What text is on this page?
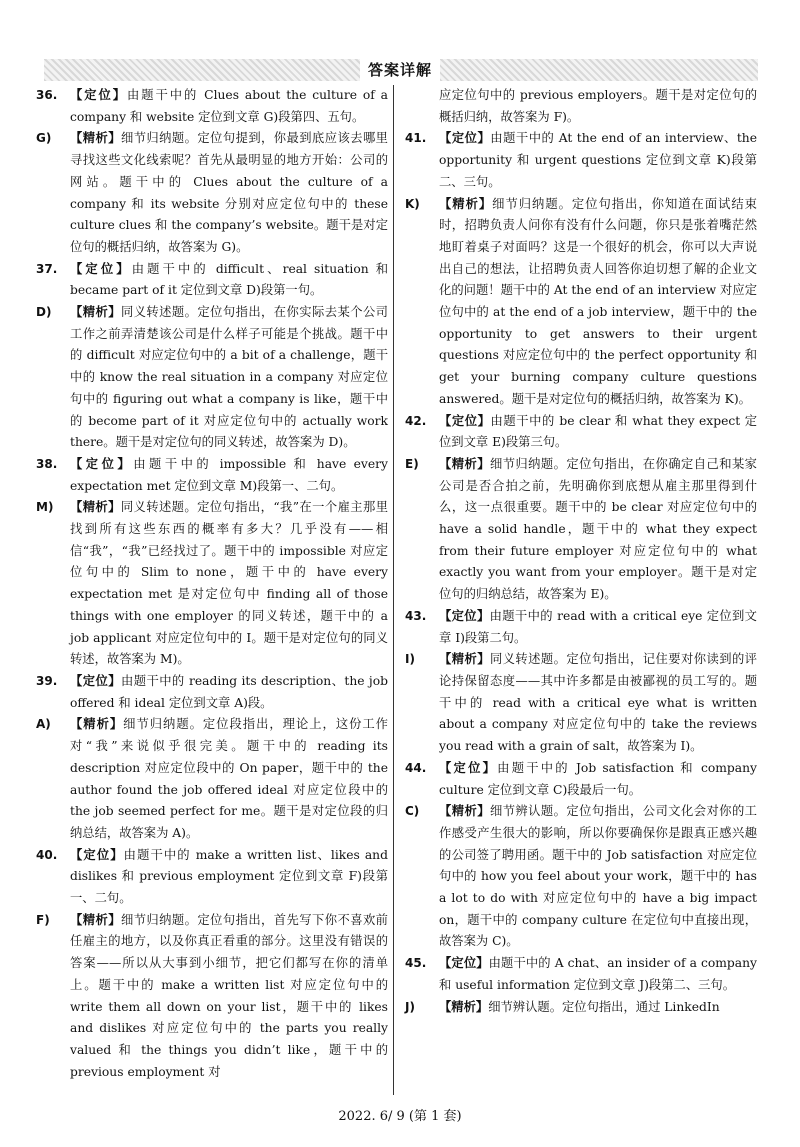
答案详解
36.	【定位】由题干中的 Clues about the culture of a company 和 website 定位到文章 G)段第四、五句。
G)	【精析】细节归纳题。定位句提到，你最到底应该去哪里寻找这些文化线索呢？首先从最明显的地方开始：公司的网站。题干中的 Clues about the culture of a company 和 its website 分别对应定位句中的 these culture clues 和 the company’s website。题干是对定位句的概括归纳，故答案为 G)。
37.	【定位】由题干中的 difficult、real situation 和 became part of it 定位到文章 D)段第一句。
D)	【精析】同义转述题。定位句指出，在你实际去某个公司工作之前弄清楚该公司是什么样子可能是个挑战。题干中的 difficult 对应定位句中的 a bit of a challenge，题干中的 know the real situation in a company 对应定位句中的 figuring out what a company is like，题干中的 become part of it 对应定位句中的 actually work there。题干是对定位句的同义转述，故答案为 D)。
38.	【定位】由题干中的 impossible 和 have every expectation met 定位到文章 M)段第一、二句。
M)	【精析】同义转述题。定位句指出，“我”在一个雇主那里找到所有这些东西的概率有多大？几乎没有——相信“我”，“我”已经找过了。题干中的 impossible 对应定位句中的 Slim to none，题干中的 have every expectation met 是对定位句中 finding all of those things with one employer 的同义转述，题干中的 a job applicant 对应定位句中的 I。题干是对定位句的同义转述，故答案为 M)。
39.	【定位】由题干中的 reading its description、the job offered 和 ideal 定位到文章 A)段。
A)	【精析】细节归纳题。定位段指出，理论上，这份工作对“我”来说似乎很完美。题干中的 reading its description 对应定位段中的 On paper，题干中的 the author found the job offered ideal 对应定位段中的 the job seemed perfect for me。题干是对定位段的归纳总结，故答案为 A)。
40.	【定位】由题干中的 make a written list、likes and dislikes 和 previous employment 定位到文章 F)段第一、二句。
F)	【精析】细节归纳题。定位句指出，首先写下你不喜欢前任雇主的地方，以及你真正看重的部分。这里没有错误的答案——所以从大事到小细节，把它们都写在你的清单上。题干中的 make a written list 对应定位句中的 write them all down on your list，题干中的 likes and dislikes 对应定位句中的 the parts you really valued 和 the things you didn’t like，题干中的 previous employment 对
应定位句中的 previous employers。题干是对定位句的概括归纳，故答案为 F)。
41.	【定位】由题干中的 At the end of an interview、the opportunity 和 urgent questions 定位到文章 K)段第二、三句。
K)	【精析】细节归纳题。定位句指出，你知道在面试结束时，招聘负责人问你有没有什么问题，你只是张着嘴茫然地盯着桌子对面吗？这是一个很好的机会，你可以大声说出自己的想法，让招聘负责人回答你迫切想了解的企业文化的问题！题干中的 At the end of an interview 对应定位句中的 at the end of a job interview，题干中的 the opportunity to get answers to their urgent questions 对应定位句中的 the perfect opportunity 和 get your burning company culture questions answered。题干是对定位句的概括归纳，故答案为 K)。
42.	【定位】由题干中的 be clear 和 what they expect 定位到文章 E)段第三句。
E)	【精析】细节归纳题。定位句指出，在你确定自己和某家公司是否合拍之前，先明确你到底想从雇主那里得到什么，这一点很重要。题干中的 be clear 对应定位句中的 have a solid handle，题干中的 what they expect from their future employer 对应定位句中的 what exactly you want from your employer。题干是对定位句的归纳总结，故答案为 E)。
43.	【定位】由题干中的 read with a critical eye 定位到文章 I)段第二句。
I)	【精析】同义转述题。定位句指出，记住要对你读到的评论持保留态度——其中许多都是由被鄙视的员工写的。题干中的 read with a critical eye what is written about a company 对应定位句中的 take the reviews you read with a grain of salt，故答案为 I)。
44.	【定位】由题干中的 Job satisfaction 和 company culture 定位到文章 C)段最后一句。
C)	【精析】细节辨认题。定位句指出，公司文化会对你的工作感受产生很大的影响，所以你要确保你是跟真正感兴趣的公司签了聘用函。题干中的 Job satisfaction 对应定位句中的 how you feel about your work，题干中的 has a lot to do with 对应定位句中的 have a big impact on，题干中的 company culture 在定位句中直接出现，故答案为 C)。
45.	【定位】由题干中的 A chat、an insider of a company 和 useful information 定位到文章 J)段第二、三句。
J)	【精析】细节辨认题。定位句指出，通过 LinkedIn
2022. 6/ 9 (第 1 套)
